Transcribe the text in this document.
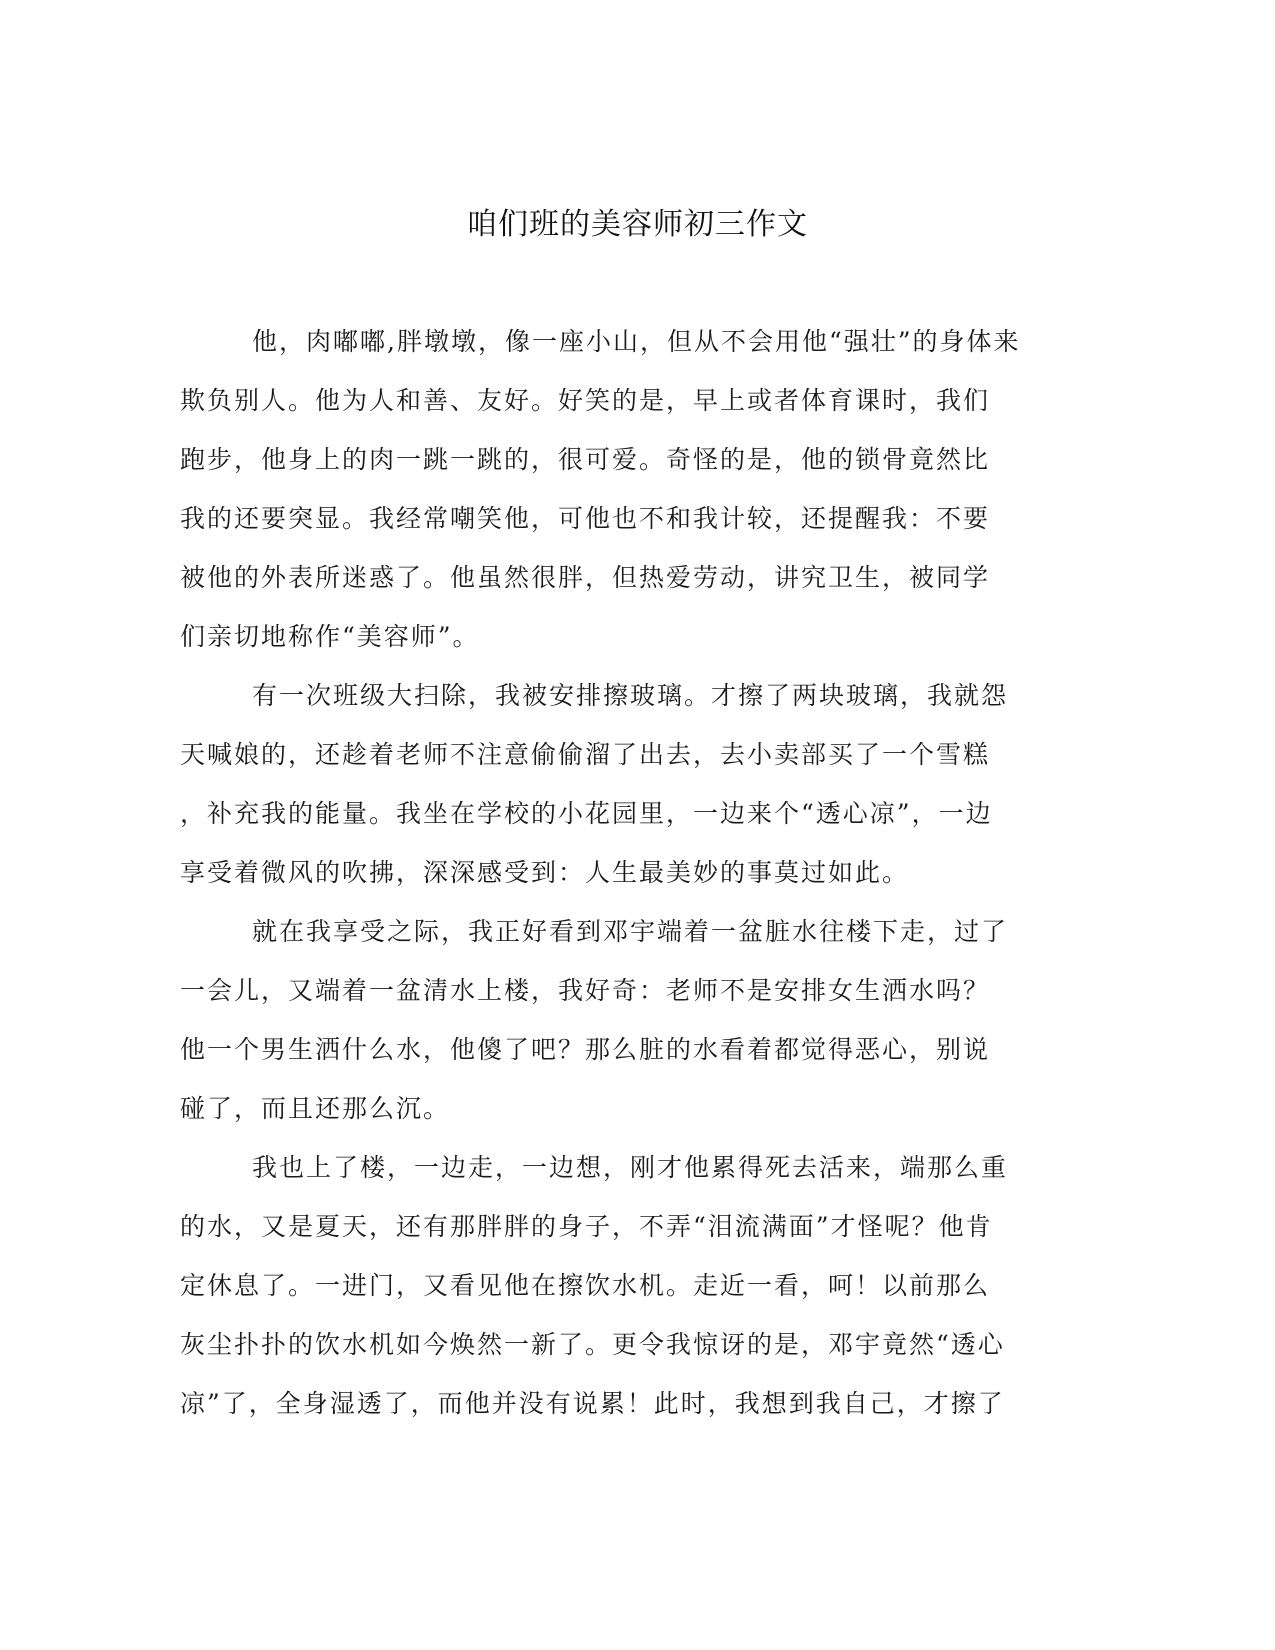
咱们班的美容师初三作文
他，肉嘟嘟,胖墩墩，像一座小山，但从不会用他“强壮”的身体来
欺负别人。他为人和善、友好。好笑的是，早上或者体育课时，我们
跑步，他身上的肉一跳一跳的，很可爱。奇怪的是，他的锁骨竟然比
我的还要突显。我经常嘲笑他，可他也不和我计较，还提醒我：不要
被他的外表所迷惑了。他虽然很胖，但热爱劳动，讲究卫生，被同学
们亲切地称作“美容师”。
有一次班级大扫除，我被安排擦玻璃。才擦了两块玻璃，我就怨
天喊娘的，还趁着老师不注意偷偷溜了出去，去小卖部买了一个雪糕
，补充我的能量。我坐在学校的小花园里，一边来个“透心凉”，一边
享受着微风的吹拂，深深感受到：人生最美妙的事莫过如此。
就在我享受之际，我正好看到邓宇端着一盆脏水往楼下走，过了
一会儿，又端着一盆清水上楼，我好奇：老师不是安排女生洒水吗？
他一个男生洒什么水，他傻了吧？那么脏的水看着都觉得恶心，别说
碰了，而且还那么沉。
我也上了楼，一边走，一边想，刚才他累得死去活来，端那么重
的水，又是夏天，还有那胖胖的身子，不弄“泪流满面”才怪呢？他肯
定休息了。一进门，又看见他在擦饮水机。走近一看，呵！以前那么
灰尘扑扑的饮水机如今焕然一新了。更令我惊讶的是，邓宇竟然“透心
凉”了，全身湿透了，而他并没有说累！此时，我想到我自己，才擦了
